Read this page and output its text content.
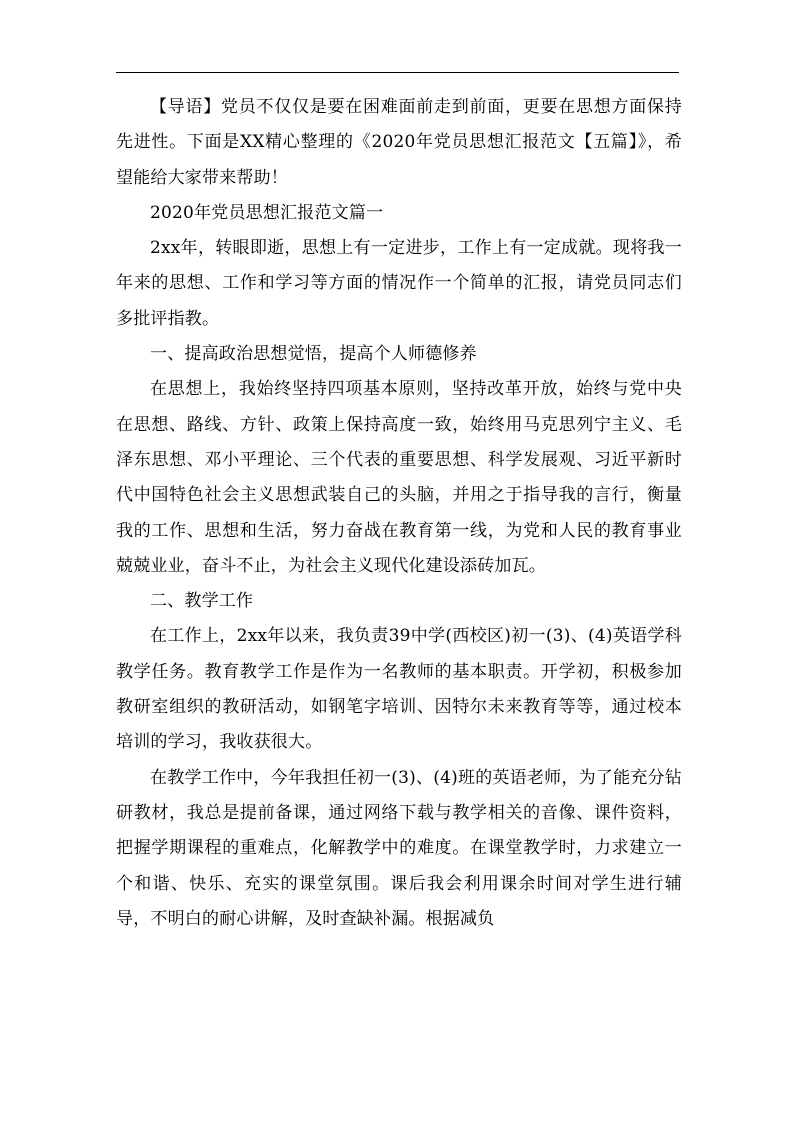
【导语】党员不仅仅是要在困难面前走到前面，更要在思想方面保持先进性。下面是XX精心整理的《2020年党员思想汇报范文【五篇】》，希望能给大家带来帮助！

2020年党员思想汇报范文篇一

2xx年，转眼即逝，思想上有一定进步，工作上有一定成就。现将我一年来的思想、工作和学习等方面的情况作一个简单的汇报，请党员同志们多批评指教。

一、提高政治思想觉悟，提高个人师德修养

在思想上，我始终坚持四项基本原则，坚持改革开放，始终与党中央在思想、路线、方针、政策上保持高度一致，始终用马克思列宁主义、毛泽东思想、邓小平理论、三个代表的重要思想、科学发展观、习近平新时代中国特色社会主义思想武装自己的头脑，并用之于指导我的言行，衡量我的工作、思想和生活，努力奋战在教育第一线，为党和人民的教育事业兢兢业业，奋斗不止，为社会主义现代化建设添砖加瓦。

二、教学工作

在工作上，2xx年以来，我负责39中学(西校区)初一(3)、(4)英语学科教学任务。教育教学工作是作为一名教师的基本职责。开学初，积极参加教研室组织的教研活动，如钢笔字培训、因特尔未来教育等等，通过校本培训的学习，我收获很大。

在教学工作中，今年我担任初一(3)、(4)班的英语老师，为了能充分钻研教材，我总是提前备课，通过网络下载与教学相关的音像、课件资料，把握学期课程的重难点，化解教学中的难度。在课堂教学时，力求建立一个和谐、快乐、充实的课堂氛围。课后我会利用课余时间对学生进行辅导，不明白的耐心讲解，及时查缺补漏。根据减负
